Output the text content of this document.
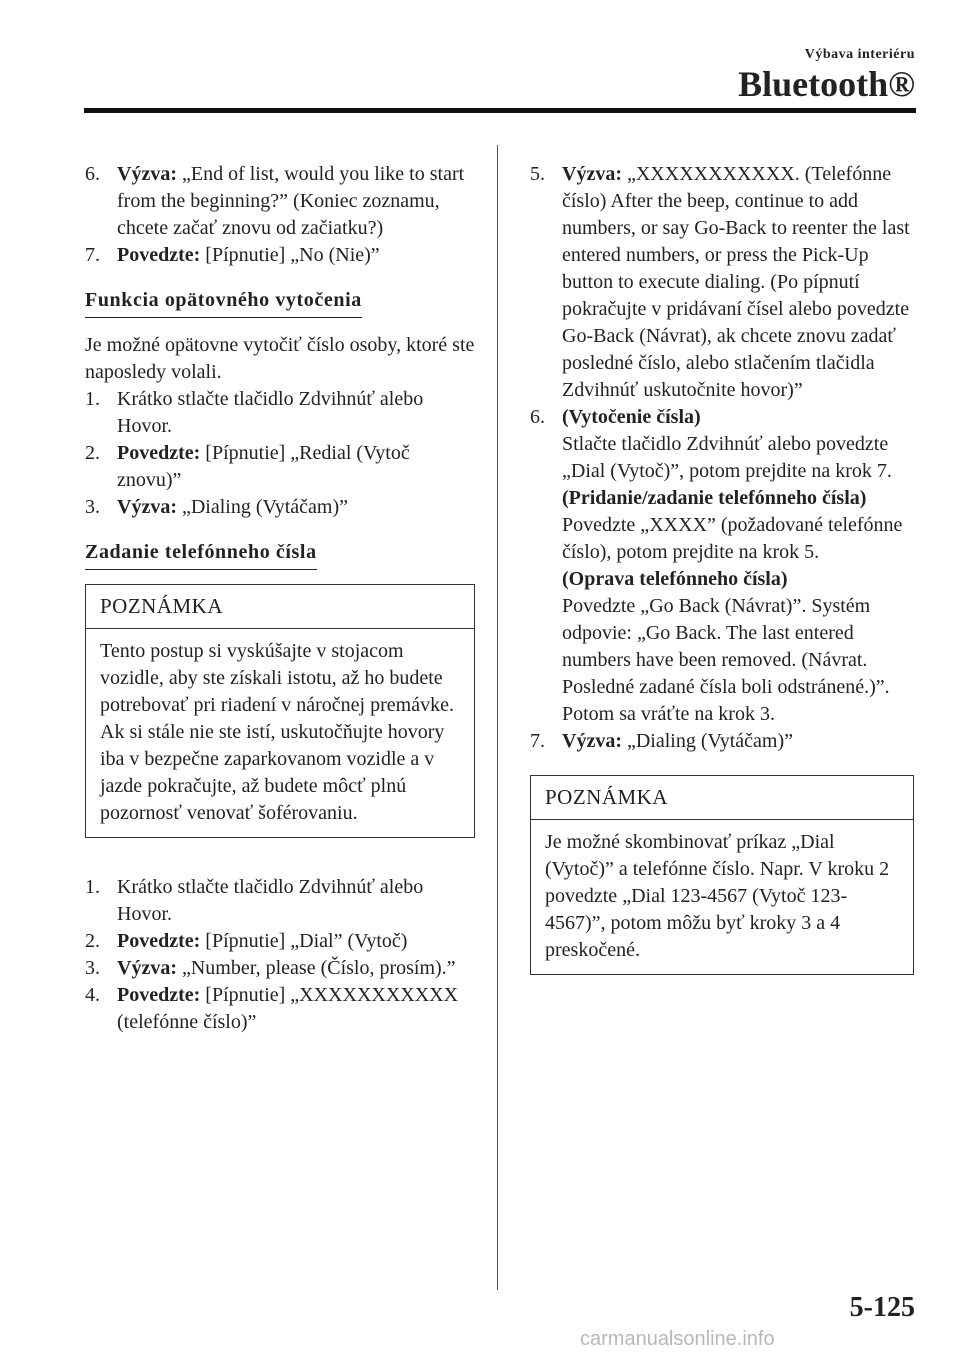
Výbava interiéru
Bluetooth®
6. Výzva: „End of list, would you like to start from the beginning?” (Koniec zoznamu, chcete začať znovu od začiatku?)
7. Povedzte: [Pípnutie] „No (Nie)”
Funkcia opätovného vytočenia

Je možné opätovne vytočiť číslo osoby, ktoré ste naposledy volali.

1. Krátko stlačte tlačidlo Zdvihnúť alebo Hovor.
2. Povedzte: [Pípnutie] „Redial (Vytoč znovu)”
3. Výzva: „Dialing (Vytáčam)”
Zadanie telefónneho čísla
POZNÁMKA
Tento postup si vyskúšajte v stojacom vozidle, aby ste získali istotu, až ho budete potrebovať pri riadení v náročnej premávke. Ak si stále nie ste istí, uskutočňujte hovory iba v bezpečne zaparkovanom vozidle a v jazde pokračujte, až budete môcť plnú pozornosť venovať šoférovaniu.
1. Krátko stlačte tlačidlo Zdvihnúť alebo Hovor.
2. Povedzte: [Pípnutie] „Dial” (Vytoč)
3. Výzva: „Number, please (Číslo, prosím).”
4. Povedzte: [Pípnutie] „XXXXXXXXXXX (telefónne číslo)”
5. Výzva: „XXXXXXXXXXX. (Telefónne číslo) After the beep, continue to add numbers, or say Go-Back to reenter the last entered numbers, or press the Pick-Up button to execute dialing. (Po pípnutí pokračujte v pridávaní čísel alebo povedzte Go-Back (Návrat), ak chcete znovu zadať posledné číslo, alebo stlačením tlačidla Zdvihnúť uskutočnite hovor)”
6. (Vytočenie čísla)
Stlačte tlačidlo Zdvihnúť alebo povedzte „Dial (Vytoč)”, potom prejdite na krok 7.
(Pridanie/zadanie telefónneho čísla)
Povedzte „XXXX” (požadované telefónne číslo), potom prejdite na krok 5.
(Oprava telefónneho čísla)
Povedzte „Go Back (Návrat)”. Systém odpovie: „Go Back. The last entered numbers have been removed. (Návrat. Posledné zadané čísla boli odstránené.)”. Potom sa vráťte na krok 3.
7. Výzva: „Dialing (Vytáčam)”
POZNÁMKA
Je možné skombinovať príkaz „Dial (Vytoč)” a telefónne číslo. Napr. V kroku 2 povedzte „Dial 123-4567 (Vytoč 123-4567)”, potom môžu byť kroky 3 a 4 preskočené.
5-125
carmanualsonline.info
